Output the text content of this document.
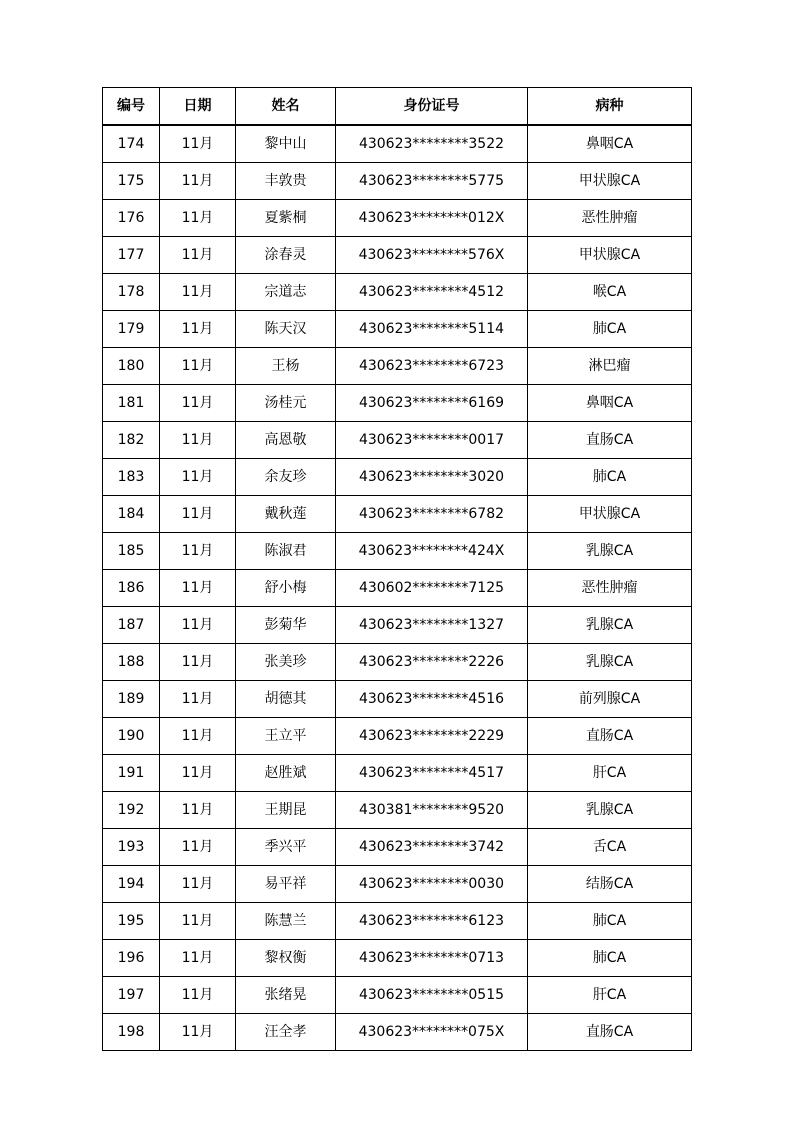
编号	日期	姓名	身份证号	病种
174	11月	黎中山	430623********3522	鼻咽CA
175	11月	丰敦贵	430623********5775	甲状腺CA
176	11月	夏紫桐	430623********012X	恶性肿瘤
177	11月	涂春灵	430623********576X	甲状腺CA
178	11月	宗道志	430623********4512	喉CA
179	11月	陈天汉	430623********5114	肺CA
180	11月	王杨	430623********6723	淋巴瘤
181	11月	汤桂元	430623********6169	鼻咽CA
182	11月	高恩敬	430623********0017	直肠CA
183	11月	余友珍	430623********3020	肺CA
184	11月	戴秋莲	430623********6782	甲状腺CA
185	11月	陈淑君	430623********424X	乳腺CA
186	11月	舒小梅	430602********7125	恶性肿瘤
187	11月	彭菊华	430623********1327	乳腺CA
188	11月	张美珍	430623********2226	乳腺CA
189	11月	胡德其	430623********4516	前列腺CA
190	11月	王立平	430623********2229	直肠CA
191	11月	赵胜斌	430623********4517	肝CA
192	11月	王期昆	430381********9520	乳腺CA
193	11月	季兴平	430623********3742	舌CA
194	11月	易平祥	430623********0030	结肠CA
195	11月	陈慧兰	430623********6123	肺CA
196	11月	黎权衡	430623********0713	肺CA
197	11月	张绪晃	430623********0515	肝CA
198	11月	汪全孝	430623********075X	直肠CA
